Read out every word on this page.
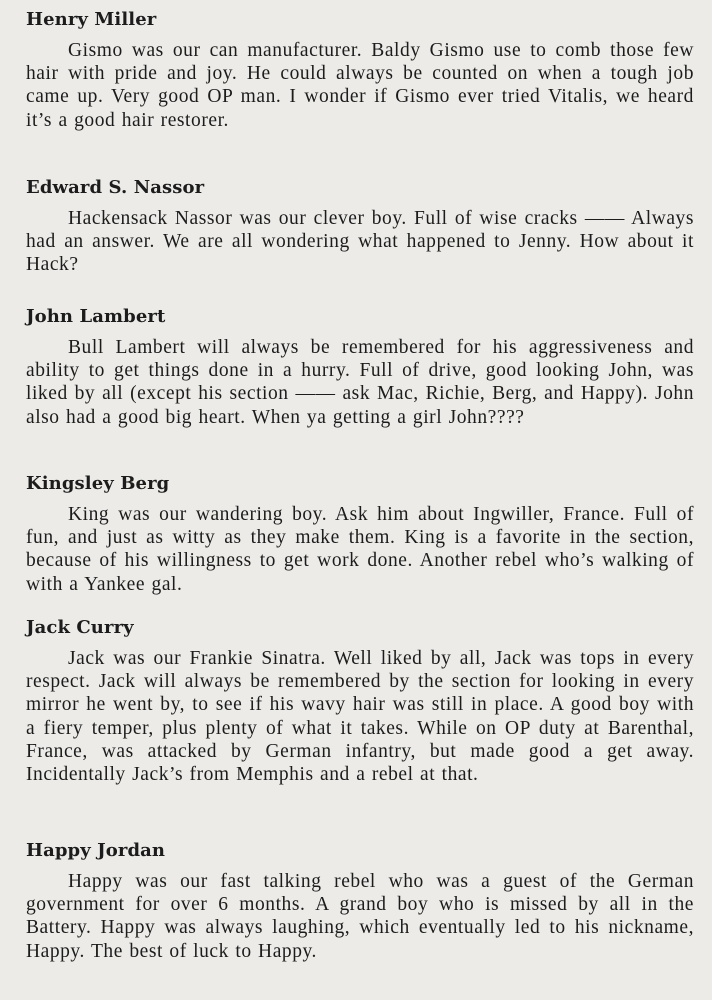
Henry Miller

Gismo was our can manufacturer. Baldy Gismo use to comb those few hair with pride and joy. He could always be counted on when a tough job came up. Very good OP man. I wonder if Gismo ever tried Vitalis, we heard it’s a good hair restorer.

Edward S. Nassor

Hackensack Nassor was our clever boy. Full of wise cracks —— Always had an answer. We are all wondering what happened to Jenny. How about it Hack?

John Lambert

Bull Lambert will always be remembered for his aggressiveness and ability to get things done in a hurry. Full of drive, good looking John, was liked by all (except his section —— ask Mac, Richie, Berg, and Happy). John also had a good big heart. When ya getting a girl John????

Kingsley Berg

King was our wandering boy. Ask him about Ingwiller, France. Full of fun, and just as witty as they make them. King is a favorite in the section, because of his willingness to get work done. Another rebel who’s walking of with a Yankee gal.

Jack Curry

Jack was our Frankie Sinatra. Well liked by all, Jack was tops in every respect. Jack will always be remembered by the section for looking in every mirror he went by, to see if his wavy hair was still in place. A good boy with a fiery temper, plus plenty of what it takes. While on OP duty at Barenthal, France, was attacked by German infantry, but made good a get away. Incidentally Jack’s from Memphis and a rebel at that.

Happy Jordan

Happy was our fast talking rebel who was a guest of the German government for over 6 months. A grand boy who is missed by all in the Battery. Happy was always laughing, which eventually led to his nickname, Happy. The best of luck to Happy.
